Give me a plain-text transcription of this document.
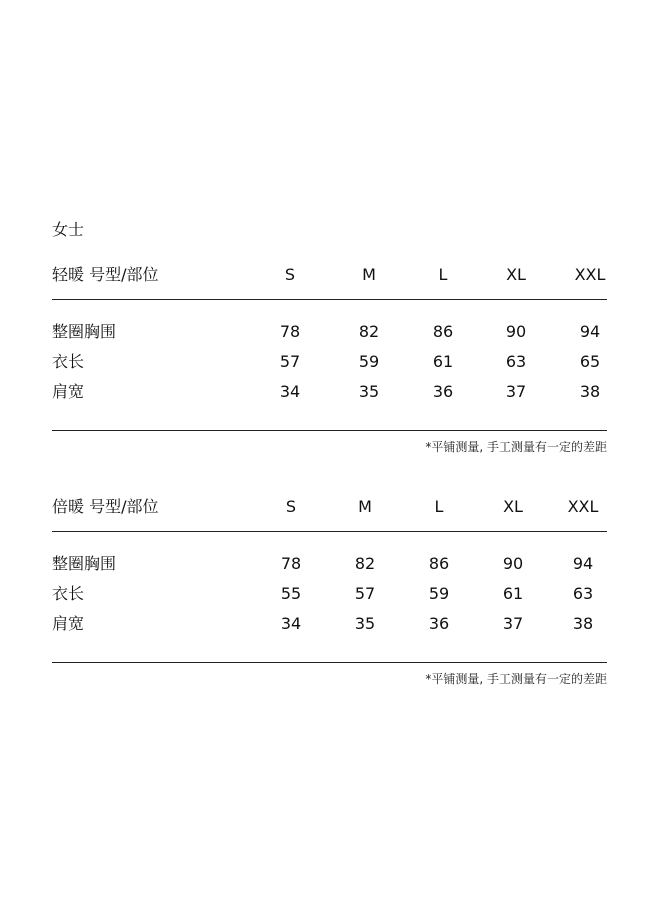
女士
轻暖 号型/部位	S	M	L	XL	XXL
整圈胸围	78	82	86	90	94
衣长	57	59	61	63	65
肩宽	34	35	36	37	38
*平铺测量, 手工测量有一定的差距
倍暖 号型/部位	S	M	L	XL	XXL
整圈胸围	78	82	86	90	94
衣长	55	57	59	61	63
肩宽	34	35	36	37	38
*平铺测量, 手工测量有一定的差距
